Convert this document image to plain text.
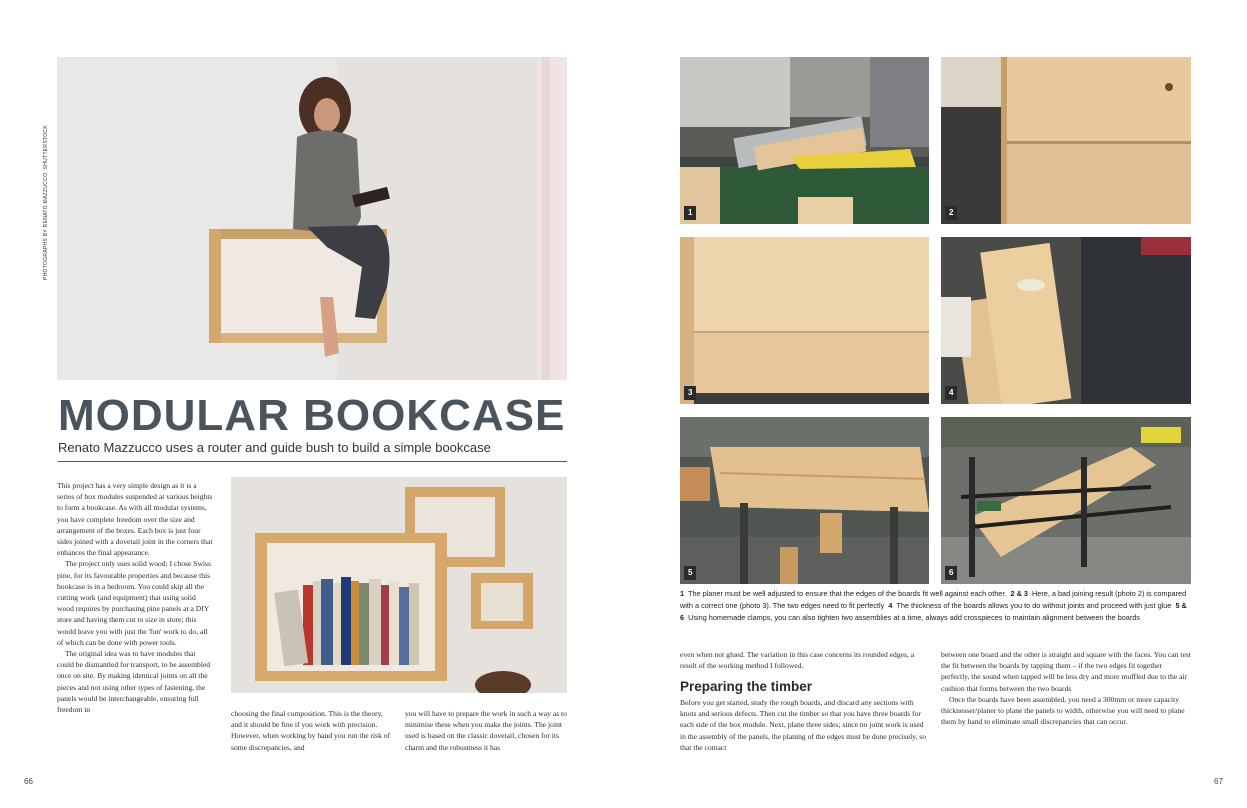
PHOTOGRAPHS BY RENATO MAZZUCCO, SHUTTERSTOCK
MODULAR BOOKCASE
Renato Mazzucco uses a router and guide bush to build a simple bookcase

This project has a very simple design as it is a series of box modules suspended at various heights to form a bookcase. As with all modular systems, you have complete freedom over the size and arrangement of the boxes. Each box is just four sides joined with a dovetail joint in the corners that enhances the final appearance.

The project only uses solid wood; I chose Swiss pine, for its favourable properties and because this bookcase is in a bedroom. You could skip all the cutting work (and equipment) that using solid wood requires by purchasing pine panels at a DIY store and having them cut to size in store; this would leave you with just the 'fun' work to do, all of which can be done with power tools.

The original idea was to have modules that could be dismantled for transport, to be assembled once on site. By making identical joints on all the pieces and not using other types of fastening, the panels would be interchangeable, ensuring full freedom in	choosing the final composition. This is the theory, and it should be fine if you work with precision. However, when working by hand you run the risk of some discrepancies, and

you will have to prepare the work in such a way as to minimise these when you make the joints. The joint used is based on the classic dovetail, chosen for its charm and the robustness it has

66
1	2
3	4
5	6
1 The planer must be well adjusted to ensure that the edges of the boards fit well against each other. 2 & 3 Here, a bad joining result (photo 2) is compared with a correct one (photo 3). The two edges need to fit perfectly 4 The thickness of the boards allows you to do without joints and proceed with just glue 5 & 6 Using homemade clamps, you can also tighten two assemblies at a time, always add crosspieces to maintain alignment between the boards

even when not glued. The variation in this case concerns its rounded edges, a result of the working method I followed.

Preparing the timber

Before you get started, study the rough boards, and discard any sections with knots and serious defects. Then cut the timber so that you have three boards for each side of the box module. Next, plane three sides; since no joint work is used in the assembly of the panels, the planing of the edges must be done precisely, so that the contact

between one board and the other is straight and square with the faces. You can test the fit between the boards by tapping them – if the two edges fit together perfectly, the sound when tapped will be less dry and more muffled due to the air cushion that forms between the two boards

Once the boards have been assembled, you need a 300mm or more capacity thicknesser/planer to plane the panels to width, otherwise you will need to plane them by hand to eliminate small discrepancies that can occur.

67
